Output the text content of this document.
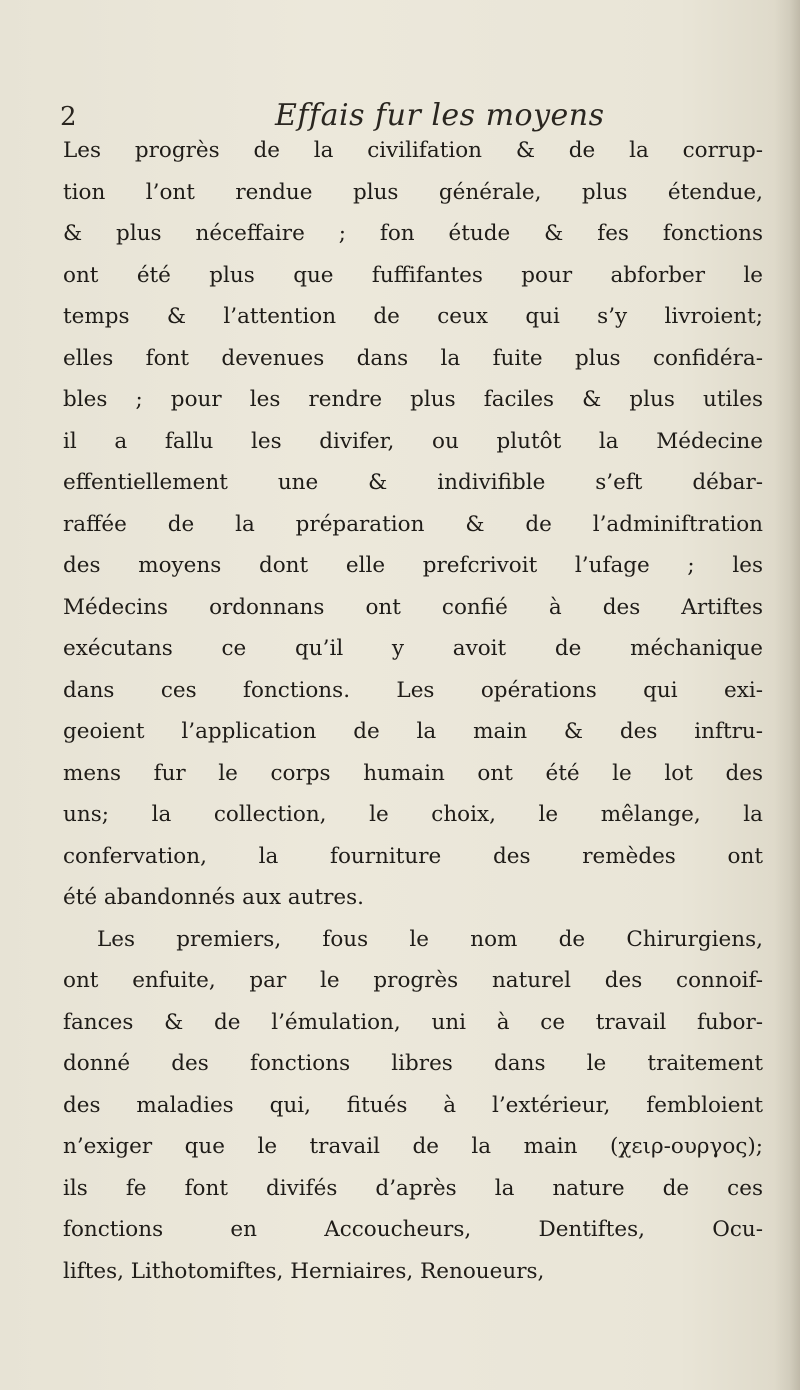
2	Effais fur les moyens
Les progrès de la civilifation & de la corrup-
tion l’ont rendue plus générale, plus étendue,
& plus néceffaire ; fon étude & fes fonctions
ont été plus que fuffifantes pour abforber le
temps & l’attention de ceux qui s’y livroient;
elles font devenues dans la fuite plus confidéra-
bles ; pour les rendre plus faciles & plus utiles
il a fallu les divifer, ou plutôt la Médecine
effentiellement une & indivifible s’eft débar-
raffée de la préparation & de l’adminiftration
des moyens dont elle prefcrivoit l’ufage ; les
Médecins ordonnans ont confié à des Artiftes
exécutans ce qu’il y avoit de méchanique
dans ces fonctions. Les opérations qui exi-
geoient l’application de la main & des inftru-
mens fur le corps humain ont été le lot des
uns; la collection, le choix, le mêlange, la
confervation, la fourniture des remèdes ont
été abandonnés aux autres.
Les premiers, fous le nom de Chirurgiens,
ont enfuite, par le progrès naturel des connoif-
fances & de l’émulation, uni à ce travail fubor-
donné des fonctions libres dans le traitement
des maladies qui, fitués à l’extérieur, fembloient
n’exiger que le travail de la main (χειρ-ουργος);
ils fe font divifés d’après la nature de ces
fonctions en Accoucheurs, Dentiftes, Ocu-
liftes, Lithotomiftes, Herniaires, Renoueurs,
